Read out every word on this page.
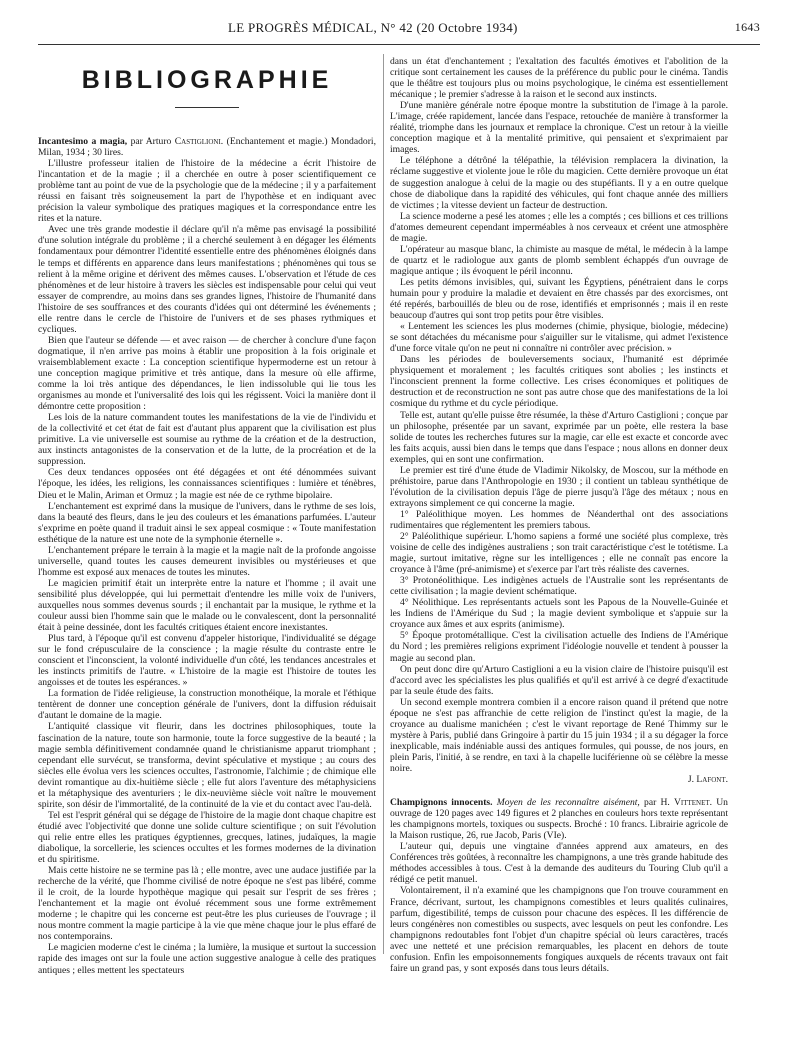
LE PROGRÈS MÉDICAL, N° 42 (20 Octobre 1934)	1643
BIBLIOGRAPHIE

Incantesimo a magia, par Arturo Castiglioni. (Enchantement et magie.) Mondadori, Milan, 1934 ; 30 lires.

L'illustre professeur italien de l'histoire de la médecine a écrit l'histoire de l'incantation et de la magie ; il a cherchée en outre à poser scientifiquement ce problème tant au point de vue de la psychologie que de la médecine ; il y a parfaitement réussi en faisant très soigneusement la part de l'hypothèse et en indiquant avec précision la valeur symbolique des pratiques magiques et la correspondance entre les rites et la nature.

Avec une très grande modestie il déclare qu'il n'a même pas envisagé la possibilité d'une solution intégrale du problème ; il a cherché seulement à en dégager les éléments fondamentaux pour démontrer l'identité essentielle entre des phénomènes éloignés dans le temps et différents en apparence dans leurs manifestations ; phénomènes qui tous se relient à la même origine et dérivent des mêmes causes. L'observation et l'étude de ces phénomènes et de leur histoire à travers les siècles est indispensable pour celui qui veut essayer de comprendre, au moins dans ses grandes lignes, l'histoire de l'humanité dans l'histoire de ses souffrances et des courants d'idées qui ont déterminé les événements ; elle rentre dans le cercle de l'histoire de l'univers et de ses phases rythmiques et cycliques.

Bien que l'auteur se défende — et avec raison — de chercher à conclure d'une façon dogmatique, il n'en arrive pas moins à établir une proposition à la fois originale et vraisemblablement exacte : La conception scientifique hypermoderne est un retour à une conception magique primitive et très antique, dans la mesure où elle affirme, comme la loi très antique des dépendances, le lien indissoluble qui lie tous les organismes au monde et l'universalité des lois qui les régissent. Voici la manière dont il démontre cette proposition :

Les lois de la nature commandent toutes les manifestations de la vie de l'individu et de la collectivité et cet état de fait est d'autant plus apparent que la civilisation est plus primitive. La vie universelle est soumise au rythme de la création et de la destruction, aux instincts antagonistes de la conservation et de la lutte, de la procréation et de la suppression.

Ces deux tendances opposées ont été dégagées et ont été dénommées suivant l'époque, les idées, les religions, les connaissances scientifiques : lumière et ténèbres, Dieu et le Malin, Ariman et Ormuz ; la magie est née de ce rythme bipolaire.

L'enchantement est exprimé dans la musique de l'univers, dans le rythme de ses lois, dans la beauté des fleurs, dans le jeu des couleurs et les émanations parfumées. L'auteur s'exprime en poète quand il traduit ainsi le sex appeal cosmique : « Toute manifestation esthétique de la nature est une note de la symphonie éternelle ».

L'enchantement prépare le terrain à la magie et la magie naît de la profonde angoisse universelle, quand toutes les causes demeurent invisibles ou mystérieuses et que l'homme est exposé aux menaces de toutes les minutes.

Le magicien primitif était un interprète entre la nature et l'homme ; il avait une sensibilité plus développée, qui lui permettait d'entendre les mille voix de l'univers, auxquelles nous sommes devenus sourds ; il enchantait par la musique, le rythme et la couleur aussi bien l'homme sain que le malade ou le convalescent, dont la personnalité était à peine dessinée, dont les facultés critiques étaient encore inexistantes.

Plus tard, à l'époque qu'il est convenu d'appeler historique, l'individualité se dégage sur le fond crépusculaire de la conscience ; la magie résulte du contraste entre le conscient et l'inconscient, la volonté individuelle d'un côté, les tendances ancestrales et les instincts primitifs de l'autre. « L'histoire de la magie est l'histoire de toutes les angoisses et de toutes les espérances. »

La formation de l'idée religieuse, la construction monothéique, la morale et l'éthique tentèrent de donner une conception générale de l'univers, dont la diffusion réduisait d'autant le domaine de la magie.

L'antiquité classique vit fleurir, dans les doctrines philosophiques, toute la fascination de la nature, toute son harmonie, toute la force suggestive de la beauté ; la magie sembla définitivement condamnée quand le christianisme apparut triomphant ; cependant elle survécut, se transforma, devint spéculative et mystique ; au cours des siècles elle évolua vers les sciences occultes, l'astronomie, l'alchimie ; de chimique elle devint romantique au dix-huitième siècle ; elle fut alors l'aventure des métaphysiciens et la métaphysique des aventuriers ; le dix-neuvième siècle voit naître le mouvement spirite, son désir de l'immortalité, de la continuité de la vie et du contact avec l'au-delà.

Tel est l'esprit général qui se dégage de l'histoire de la magie dont chaque chapitre est étudié avec l'objectivité que donne une solide culture scientifique ; on suit l'évolution qui relie entre elles les pratiques égyptiennes, grecques, latines, judaïques, la magie diabolique, la sorcellerie, les sciences occultes et les formes modernes de la divination et du spiritisme.

Mais cette histoire ne se termine pas là ; elle montre, avec une audace justifiée par la recherche de la vérité, que l'homme civilisé de notre époque ne s'est pas libéré, comme il le croit, de la lourde hypothèque magique qui pesait sur l'esprit de ses frères ; l'enchantement et la magie ont évolué récemment sous une forme extrêmement moderne ; le chapitre qui les concerne est peut-être les plus curieuses de l'ouvrage ; il nous montre comment la magie participe à la vie que mène chaque jour le plus effaré de nos contemporains.

Le magicien moderne c'est le cinéma ; la lumière, la musique et surtout la succession rapide des images ont sur la foule une action suggestive analogue à celle des pratiques antiques ; elles mettent les spectateurs

dans un état d'enchantement ; l'exaltation des facultés émotives et l'abolition de la critique sont certainement les causes de la préférence du public pour le cinéma. Tandis que le théâtre est toujours plus ou moins psychologique, le cinéma est essentiellement mécanique ; le premier s'adresse à la raison et le second aux instincts.

D'une manière générale notre époque montre la substitution de l'image à la parole. L'image, créée rapidement, lancée dans l'espace, retouchée de manière à transformer la réalité, triomphe dans les journaux et remplace la chronique. C'est un retour à la vieille conception magique et à la mentalité primitive, qui pensaient et s'exprimaient par images.

Le téléphone a détrôné la télépathie, la télévision remplacera la divination, la réclame suggestive et violente joue le rôle du magicien. Cette dernière provoque un état de suggestion analogue à celui de la magie ou des stupéfiants. Il y a en outre quelque chose de diabolique dans la rapidité des véhicules, qui font chaque année des milliers de victimes ; la vitesse devient un facteur de destruction.

La science moderne a pesé les atomes ; elle les a comptés ; ces billions et ces trillions d'atomes demeurent cependant imperméables à nos cerveaux et créent une atmosphère de magie.

L'opérateur au masque blanc, la chimiste au masque de métal, le médecin à la lampe de quartz et le radiologue aux gants de plomb semblent échappés d'un ouvrage de magique antique ; ils évoquent le péril inconnu.

Les petits démons invisibles, qui, suivant les Égyptiens, pénétraient dans le corps humain pour y produire la maladie et devaient en être chassés par des exorcismes, ont été repérés, barbouillés de bleu ou de rose, identifiés et emprisonnés ; mais il en reste beaucoup d'autres qui sont trop petits pour être visibles.

« Lentement les sciences les plus modernes (chimie, physique, biologie, médecine) se sont détachées du mécanisme pour s'aiguiller sur le vitalisme, qui admet l'existence d'une force vitale qu'on ne peut ni connaître ni contrôler avec précision. »

Dans les périodes de bouleversements sociaux, l'humanité est déprimée physiquement et moralement ; les facultés critiques sont abolies ; les instincts et l'inconscient prennent la forme collective. Les crises économiques et politiques de destruction et de reconstruction ne sont pas autre chose que des manifestations de la loi cosmique du rythme et du cycle périodique.

Telle est, autant qu'elle puisse être résumée, la thèse d'Arturo Castiglioni ; conçue par un philosophe, présentée par un savant, exprimée par un poète, elle restera la base solide de toutes les recherches futures sur la magie, car elle est exacte et concorde avec les faits acquis, aussi bien dans le temps que dans l'espace ; nous allons en donner deux exemples, qui en sont une confirmation.

Le premier est tiré d'une étude de Vladimir Nikolsky, de Moscou, sur la méthode en préhistoire, parue dans l'Anthropologie en 1930 ; il contient un tableau synthétique de l'évolution de la civilisation depuis l'âge de pierre jusqu'à l'âge des métaux ; nous en extrayons simplement ce qui concerne la magie.

1° Paléolithique moyen. Les hommes de Néanderthal ont des associations rudimentaires que réglementent les premiers tabous.

2° Paléolithique supérieur. L'homo sapiens a formé une société plus complexe, très voisine de celle des indigènes australiens ; son trait caractéristique c'est le totétisme. La magie, surtout imitative, règne sur les intelligences ; elle ne connaît pas encore la croyance à l'âme (pré-animisme) et s'exerce par l'art très réaliste des cavernes.

3° Protonéolithique. Les indigènes actuels de l'Australie sont les représentants de cette civilisation ; la magie devient schématique.

4° Néolithique. Les représentants actuels sont les Papous de la Nouvelle-Guinée et les Indiens de l'Amérique du Sud ; la magie devient symbolique et s'appuie sur la croyance aux âmes et aux esprits (animisme).

5° Époque protométallique. C'est la civilisation actuelle des Indiens de l'Amérique du Nord ; les premières religions expriment l'idéologie nouvelle et tendent à pousser la magie au second plan.

On peut donc dire qu'Arturo Castiglioni a eu la vision claire de l'histoire puisqu'il est d'accord avec les spécialistes les plus qualifiés et qu'il est arrivé à ce degré d'exactitude par la seule étude des faits.

Un second exemple montrera combien il a encore raison quand il prétend que notre époque ne s'est pas affranchie de cette religion de l'instinct qu'est la magie, de la croyance au dualisme manichéen ; c'est le vivant reportage de René Thimmy sur le mystère à Paris, publié dans Gringoire à partir du 15 juin 1934 ; il a su dégager la force inexplicable, mais indéniable aussi des antiques formules, qui pousse, de nos jours, en plein Paris, l'initié, à se rendre, en taxi à la chapelle luciférienne où se célèbre la messe noire.

J. Lafont.

Champignons innocents. Moyen de les reconnaître aisément, par H. Vittenet. Un ouvrage de 120 pages avec 149 figures et 2 planches en couleurs hors texte représentant les champignons mortels, toxiques ou suspects. Broché : 10 francs. Librairie agricole de la Maison rustique, 26, rue Jacob, Paris (VIe).

L'auteur qui, depuis une vingtaine d'années apprend aux amateurs, en des Conférences très goûtées, à reconnaître les champignons, a une très grande habitude des méthodes accessibles à tous. C'est à la demande des auditeurs du Touring Club qu'il a rédigé ce petit manuel.

Volontairement, il n'a examiné que les champignons que l'on trouve couramment en France, décrivant, surtout, les champignons comestibles et leurs qualités culinaires, parfum, digestibilité, temps de cuisson pour chacune des espèces. Il les différencie de leurs congénères non comestibles ou suspects, avec lesquels on peut les confondre. Les champignons redoutables font l'objet d'un chapitre spécial où leurs caractères, tracés avec une netteté et une précision remarquables, les placent en dehors de toute confusion. Enfin les empoisonnements fongiques auxquels de récents travaux ont fait faire un grand pas, y sont exposés dans tous leurs détails.
